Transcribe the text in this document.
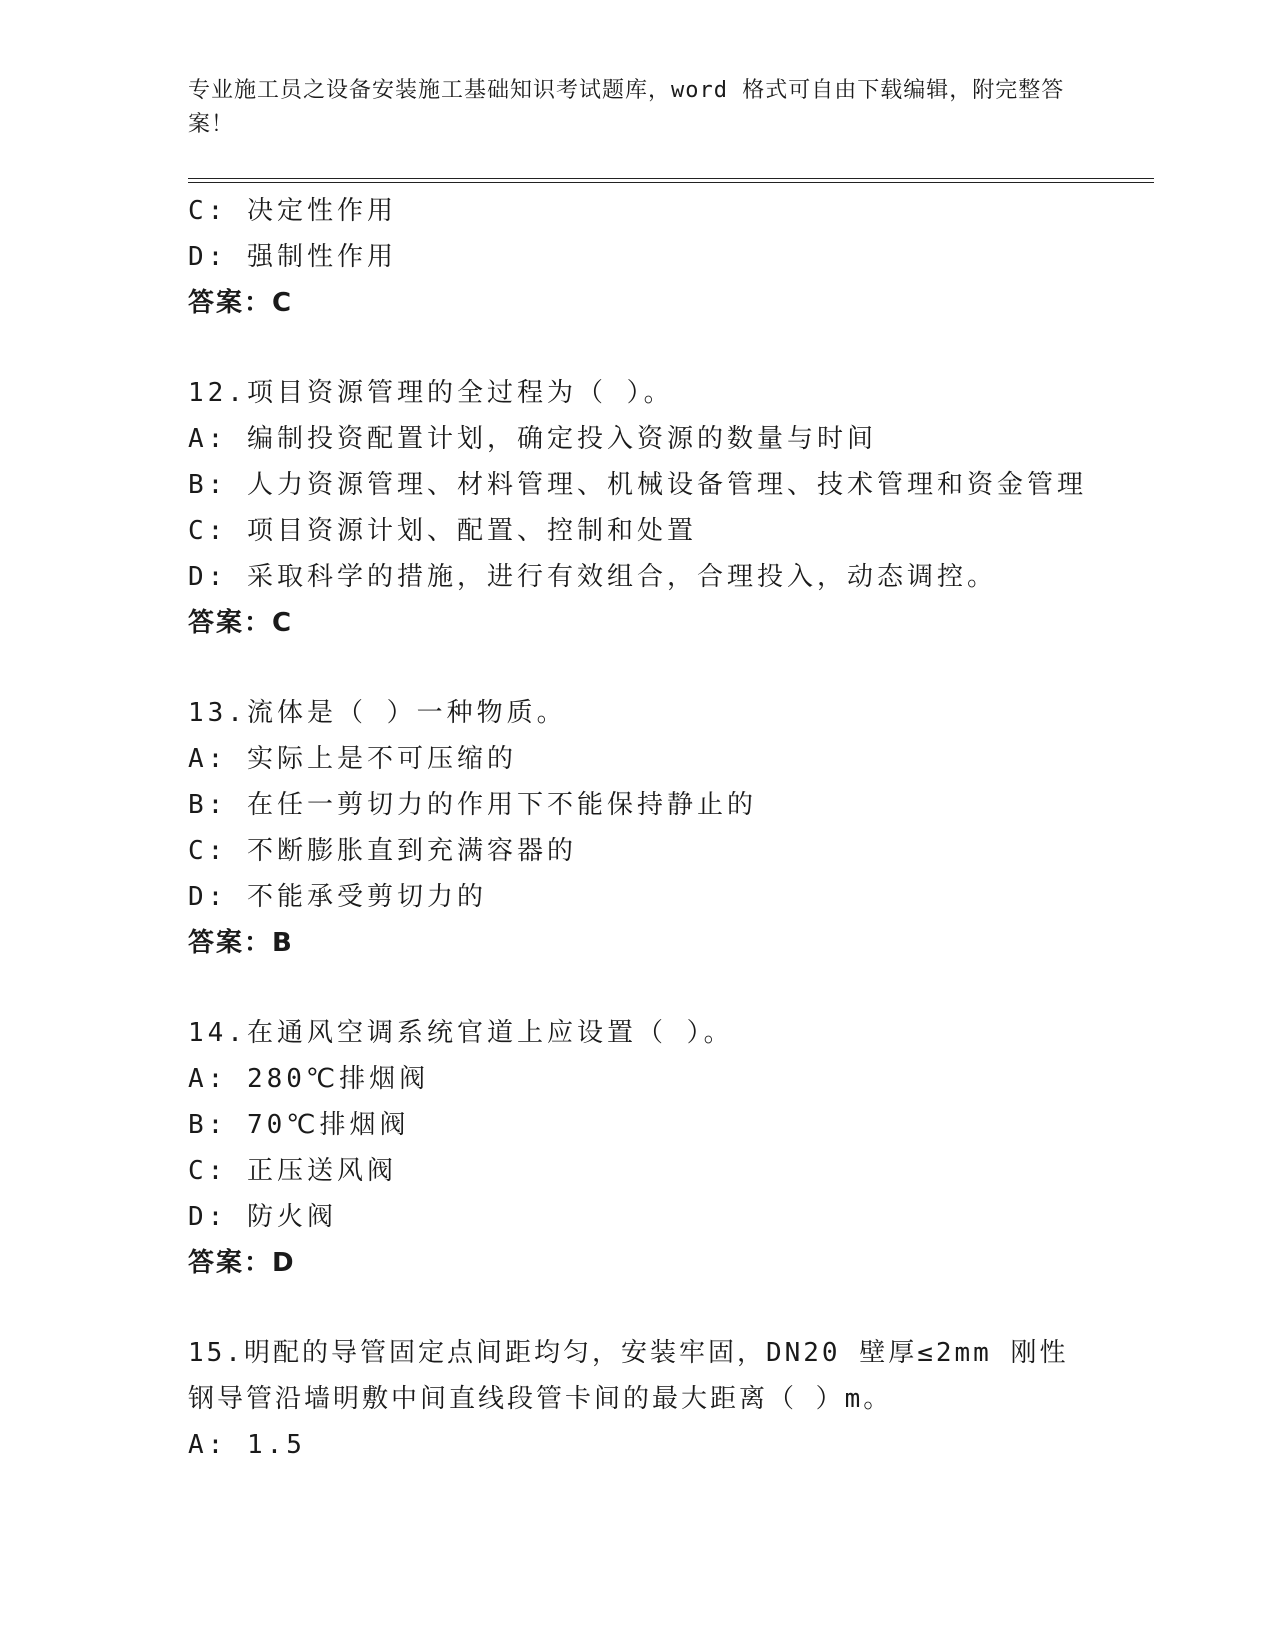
专业施工员之设备安装施工基础知识考试题库，word 格式可自由下载编辑，附完整答案！
C: 决定性作用
D: 强制性作用
答案：C
12.项目资源管理的全过程为（ ）。
A: 编制投资配置计划，确定投入资源的数量与时间
B: 人力资源管理、材料管理、机械设备管理、技术管理和资金管理
C: 项目资源计划、配置、控制和处置
D: 采取科学的措施，进行有效组合，合理投入，动态调控。
答案：C
13.流体是（ ）一种物质。
A: 实际上是不可压缩的
B: 在任一剪切力的作用下不能保持静止的
C: 不断膨胀直到充满容器的
D: 不能承受剪切力的
答案：B
14.在通风空调系统官道上应设置（ ）。
A: 280℃排烟阀
B: 70℃排烟阀
C: 正压送风阀
D: 防火阀
答案：D
15.明配的导管固定点间距均匀，安装牢固，DN20 壁厚≤2mm 刚性钢导管沿墙明敷中间直线段管卡间的最大距离（ ）m。
A: 1.5
